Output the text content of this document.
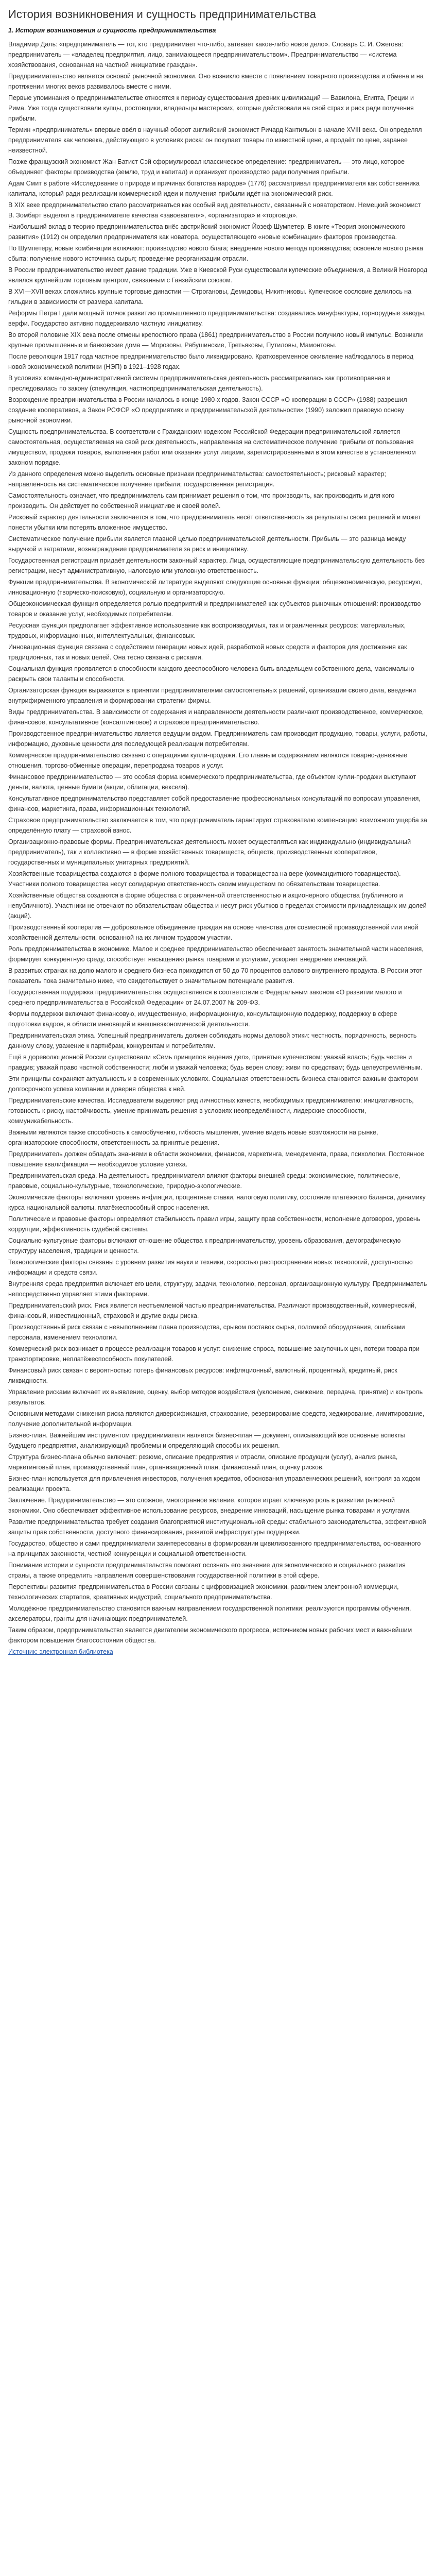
История возникновения и сущность предпринимательства
1. История возникновения и сущность предпринимательства

Владимир Даль: «предприниматель — тот, кто предпринимает что-либо, затевает какое-либо новое дело». Словарь С. И. Ожегова: предприниматель — «владелец предприятия, лицо, занимающееся предпринимательством». Предпринимательство — «система хозяйствования, основанная на частной инициативе граждан».

Предпринимательство является основой рыночной экономики. Оно возникло вместе с появлением товарного производства и обмена и на протяжении многих веков развивалось вместе с ними.

Первые упоминания о предпринимательстве относятся к периоду существования древних цивилизаций — Вавилона, Египта, Греции и Рима. Уже тогда существовали купцы, ростовщики, владельцы мастерских, которые действовали на свой страх и риск ради получения прибыли.

Термин «предприниматель» впервые ввёл в научный оборот английский экономист Ричард Кантильон в начале XVIII века. Он определял предпринимателя как человека, действующего в условиях риска: он покупает товары по известной цене, а продаёт по цене, заранее неизвестной.

Позже французский экономист Жан Батист Сэй сформулировал классическое определение: предприниматель — это лицо, которое объединяет факторы производства (землю, труд и капитал) и организует производство ради получения прибыли.

Адам Смит в работе «Исследование о природе и причинах богатства народов» (1776) рассматривал предпринимателя как собственника капитала, который ради реализации коммерческой идеи и получения прибыли идёт на экономический риск.

В XIX веке предпринимательство стало рассматриваться как особый вид деятельности, связанный с новаторством. Немецкий экономист В. Зомбарт выделял в предпринимателе качества «завоевателя», «организатора» и «торговца».

Наибольший вклад в теорию предпринимательства внёс австрийский экономист Йозеф Шумпетер. В книге «Теория экономического развития» (1912) он определил предпринимателя как новатора, осуществляющего «новые комбинации» факторов производства.

По Шумпетеру, новые комбинации включают: производство нового блага; внедрение нового метода производства; освоение нового рынка сбыта; получение нового источника сырья; проведение реорганизации отрасли.

В России предпринимательство имеет давние традиции. Уже в Киевской Руси существовали купеческие объединения, а Великий Новгород являлся крупнейшим торговым центром, связанным с Ганзейским союзом.

В XVI—XVII веках сложились крупные торговые династии — Строгановы, Демидовы, Никитниковы. Купеческое сословие делилось на гильдии в зависимости от размера капитала.

Реформы Петра I дали мощный толчок развитию промышленного предпринимательства: создавались мануфактуры, горнорудные заводы, верфи. Государство активно поддерживало частную инициативу.

Во второй половине XIX века после отмены крепостного права (1861) предпринимательство в России получило новый импульс. Возникли крупные промышленные и банковские дома — Морозовы, Рябушинские, Третьяковы, Путиловы, Мамонтовы.

После революции 1917 года частное предпринимательство было ликвидировано. Кратковременное оживление наблюдалось в период новой экономической политики (НЭП) в 1921–1928 годах.

В условиях командно-административной системы предпринимательская деятельность рассматривалась как противоправная и преследовалась по закону (спекуляция, частнопредпринимательская деятельность).

Возрождение предпринимательства в России началось в конце 1980-х годов. Закон СССР «О кооперации в СССР» (1988) разрешил создание кооперативов, а Закон РСФСР «О предприятиях и предпринимательской деятельности» (1990) заложил правовую основу рыночной экономики.

Сущность предпринимательства. В соответствии с Гражданским кодексом Российской Федерации предпринимательской является самостоятельная, осуществляемая на свой риск деятельность, направленная на систематическое получение прибыли от пользования имуществом, продажи товаров, выполнения работ или оказания услуг лицами, зарегистрированными в этом качестве в установленном законом порядке.

Из данного определения можно выделить основные признаки предпринимательства: самостоятельность; рисковый характер; направленность на систематическое получение прибыли; государственная регистрация.

Самостоятельность означает, что предприниматель сам принимает решения о том, что производить, как производить и для кого производить. Он действует по собственной инициативе и своей волей.

Рисковый характер деятельности заключается в том, что предприниматель несёт ответственность за результаты своих решений и может понести убытки или потерять вложенное имущество.

Систематическое получение прибыли является главной целью предпринимательской деятельности. Прибыль — это разница между выручкой и затратами, вознаграждение предпринимателя за риск и инициативу.

Государственная регистрация придаёт деятельности законный характер. Лица, осуществляющие предпринимательскую деятельность без регистрации, несут административную, налоговую или уголовную ответственность.

Функции предпринимательства. В экономической литературе выделяют следующие основные функции: общеэкономическую, ресурсную, инновационную (творческо-поисковую), социальную и организаторскую.

Общеэкономическая функция определяется ролью предприятий и предпринимателей как субъектов рыночных отношений: производство товаров и оказание услуг, необходимых потребителям.

Ресурсная функция предполагает эффективное использование как воспроизводимых, так и ограниченных ресурсов: материальных, трудовых, информационных, интеллектуальных, финансовых.

Инновационная функция связана с содействием генерации новых идей, разработкой новых средств и факторов для достижения как традиционных, так и новых целей. Она тесно связана с рисками.

Социальная функция проявляется в способности каждого дееспособного человека быть владельцем собственного дела, максимально раскрыть свои таланты и способности.

Организаторская функция выражается в принятии предпринимателями самостоятельных решений, организации своего дела, введении внутрифирменного управления и формировании стратегии фирмы.

Виды предпринимательства. В зависимости от содержания и направленности деятельности различают производственное, коммерческое, финансовое, консультативное (консалтинговое) и страховое предпринимательство.

Производственное предпринимательство является ведущим видом. Предприниматель сам производит продукцию, товары, услуги, работы, информацию, духовные ценности для последующей реализации потребителям.

Коммерческое предпринимательство связано с операциями купли-продажи. Его главным содержанием являются товарно-денежные отношения, торгово-обменные операции, перепродажа товаров и услуг.

Финансовое предпринимательство — это особая форма коммерческого предпринимательства, где объектом купли-продажи выступают деньги, валюта, ценные бумаги (акции, облигации, векселя).

Консультативное предпринимательство представляет собой предоставление профессиональных консультаций по вопросам управления, финансов, маркетинга, права, информационных технологий.

Страховое предпринимательство заключается в том, что предприниматель гарантирует страхователю компенсацию возможного ущерба за определённую плату — страховой взнос.

Организационно-правовые формы. Предпринимательская деятельность может осуществляться как индивидуально (индивидуальный предприниматель), так и коллективно — в форме хозяйственных товариществ, обществ, производственных кооперативов, государственных и муниципальных унитарных предприятий.

Хозяйственные товарищества создаются в форме полного товарищества и товарищества на вере (коммандитного товарищества). Участники полного товарищества несут солидарную ответственность своим имуществом по обязательствам товарищества.

Хозяйственные общества создаются в форме общества с ограниченной ответственностью и акционерного общества (публичного и непубличного). Участники не отвечают по обязательствам общества и несут риск убытков в пределах стоимости принадлежащих им долей (акций).

Производственный кооператив — добровольное объединение граждан на основе членства для совместной производственной или иной хозяйственной деятельности, основанной на их личном трудовом участии.

Роль предпринимательства в экономике. Малое и среднее предпринимательство обеспечивает занятость значительной части населения, формирует конкурентную среду, способствует насыщению рынка товарами и услугами, ускоряет внедрение инноваций.

В развитых странах на долю малого и среднего бизнеса приходится от 50 до 70 процентов валового внутреннего продукта. В России этот показатель пока значительно ниже, что свидетельствует о значительном потенциале развития.

Государственная поддержка предпринимательства осуществляется в соответствии с Федеральным законом «О развитии малого и среднего предпринимательства в Российской Федерации» от 24.07.2007 № 209-ФЗ.

Формы поддержки включают финансовую, имущественную, информационную, консультационную поддержку, поддержку в сфере подготовки кадров, в области инноваций и внешнеэкономической деятельности.

Предпринимательская этика. Успешный предприниматель должен соблюдать нормы деловой этики: честность, порядочность, верность данному слову, уважение к партнёрам, конкурентам и потребителям.

Ещё в дореволюционной России существовали «Семь принципов ведения дел», принятые купечеством: уважай власть; будь честен и правдив; уважай право частной собственности; люби и уважай человека; будь верен слову; живи по средствам; будь целеустремлённым.

Эти принципы сохраняют актуальность и в современных условиях. Социальная ответственность бизнеса становится важным фактором долгосрочного успеха компании и доверия общества к ней.

Предпринимательские качества. Исследователи выделяют ряд личностных качеств, необходимых предпринимателю: инициативность, готовность к риску, настойчивость, умение принимать решения в условиях неопределённости, лидерские способности, коммуникабельность.

Важными являются также способность к самообучению, гибкость мышления, умение видеть новые возможности на рынке, организаторские способности, ответственность за принятые решения.

Предприниматель должен обладать знаниями в области экономики, финансов, маркетинга, менеджмента, права, психологии. Постоянное повышение квалификации — необходимое условие успеха.

Предпринимательская среда. На деятельность предпринимателя влияют факторы внешней среды: экономические, политические, правовые, социально-культурные, технологические, природно-экологические.

Экономические факторы включают уровень инфляции, процентные ставки, налоговую политику, состояние платёжного баланса, динамику курса национальной валюты, платёжеспособный спрос населения.

Политические и правовые факторы определяют стабильность правил игры, защиту прав собственности, исполнение договоров, уровень коррупции, эффективность судебной системы.

Социально-культурные факторы включают отношение общества к предпринимательству, уровень образования, демографическую структуру населения, традиции и ценности.

Технологические факторы связаны с уровнем развития науки и техники, скоростью распространения новых технологий, доступностью информации и средств связи.

Внутренняя среда предприятия включает его цели, структуру, задачи, технологию, персонал, организационную культуру. Предприниматель непосредственно управляет этими факторами.

Предпринимательский риск. Риск является неотъемлемой частью предпринимательства. Различают производственный, коммерческий, финансовый, инвестиционный, страховой и другие виды риска.

Производственный риск связан с невыполнением плана производства, срывом поставок сырья, поломкой оборудования, ошибками персонала, изменением технологии.

Коммерческий риск возникает в процессе реализации товаров и услуг: снижение спроса, повышение закупочных цен, потери товара при транспортировке, неплатёжеспособность покупателей.

Финансовый риск связан с вероятностью потерь финансовых ресурсов: инфляционный, валютный, процентный, кредитный, риск ликвидности.

Управление рисками включает их выявление, оценку, выбор методов воздействия (уклонение, снижение, передача, принятие) и контроль результатов.

Основными методами снижения риска являются диверсификация, страхование, резервирование средств, хеджирование, лимитирование, получение дополнительной информации.

Бизнес-план. Важнейшим инструментом предпринимателя является бизнес-план — документ, описывающий все основные аспекты будущего предприятия, анализирующий проблемы и определяющий способы их решения.

Структура бизнес-плана обычно включает: резюме, описание предприятия и отрасли, описание продукции (услуг), анализ рынка, маркетинговый план, производственный план, организационный план, финансовый план, оценку рисков.

Бизнес-план используется для привлечения инвесторов, получения кредитов, обоснования управленческих решений, контроля за ходом реализации проекта.

Заключение. Предпринимательство — это сложное, многогранное явление, которое играет ключевую роль в развитии рыночной экономики. Оно обеспечивает эффективное использование ресурсов, внедрение инноваций, насыщение рынка товарами и услугами.

Развитие предпринимательства требует создания благоприятной институциональной среды: стабильного законодательства, эффективной защиты прав собственности, доступного финансирования, развитой инфраструктуры поддержки.

Государство, общество и сами предприниматели заинтересованы в формировании цивилизованного предпринимательства, основанного на принципах законности, честной конкуренции и социальной ответственности.

Понимание истории и сущности предпринимательства помогает осознать его значение для экономического и социального развития страны, а также определить направления совершенствования государственной политики в этой сфере.

Перспективы развития предпринимательства в России связаны с цифровизацией экономики, развитием электронной коммерции, технологических стартапов, креативных индустрий, социального предпринимательства.

Молодёжное предпринимательство становится важным направлением государственной политики: реализуются программы обучения, акселераторы, гранты для начинающих предпринимателей.

Таким образом, предпринимательство является двигателем экономического прогресса, источником новых рабочих мест и важнейшим фактором повышения благосостояния общества.

Источник: электронная библиотека
